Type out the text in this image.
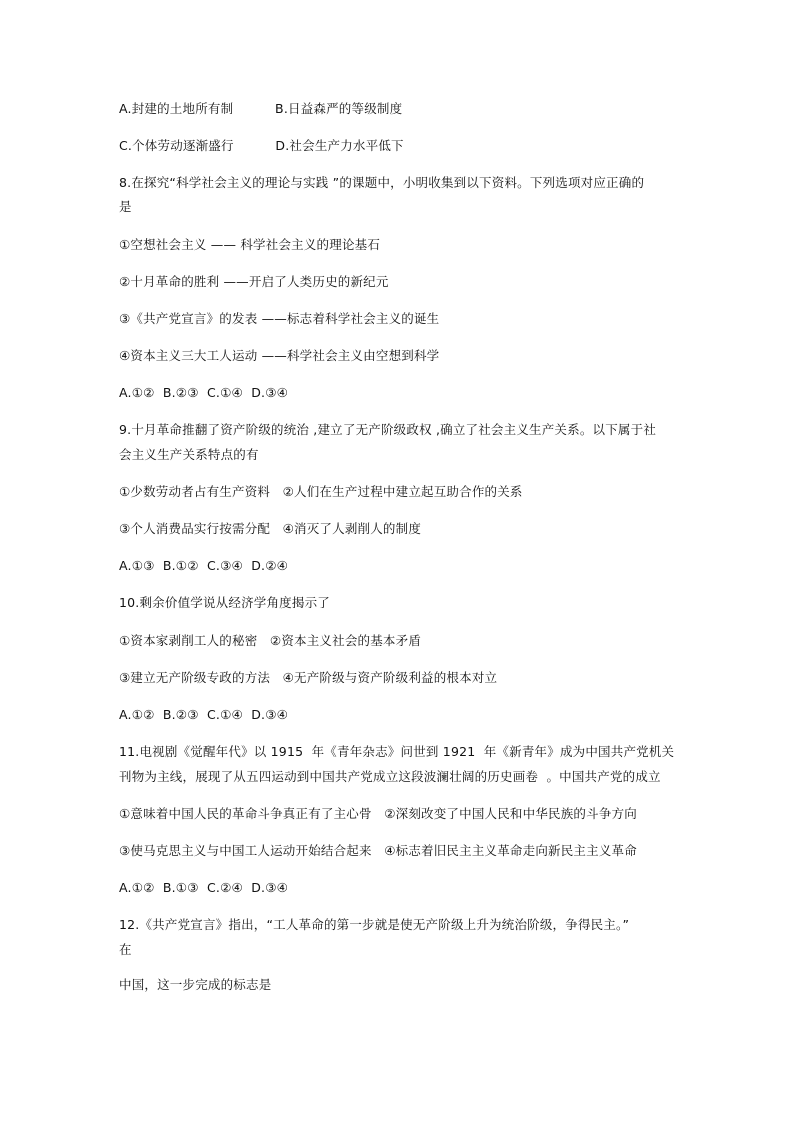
A.封建的土地所有制          B.日益森严的等级制度
C.个体劳动逐渐盛行          D.社会生产力水平低下
8.在探究“科学社会主义的理论与实践 ”的课题中，小明收集到以下资料。下列选项对应正确的
是
①空想社会主义 —— 科学社会主义的理论基石
②十月革命的胜利 ——开启了人类历史的新纪元
③《共产党宣言》的发表 ——标志着科学社会主义的诞生
④资本主义三大工人运动 ——科学社会主义由空想到科学
A.①②  B.②③  C.①④  D.③④
9.十月革命推翻了资产阶级的统治 ,建立了无产阶级政权 ,确立了社会主义生产关系。以下属于社
会主义生产关系特点的有
①少数劳动者占有生产资料   ②人们在生产过程中建立起互助合作的关系
③个人消费品实行按需分配   ④消灭了人剥削人的制度
A.①③  B.①②  C.③④  D.②④
10.剩余价值学说从经济学角度揭示了
①资本家剥削工人的秘密   ②资本主义社会的基本矛盾
③建立无产阶级专政的方法   ④无产阶级与资产阶级利益的根本对立
A.①②  B.②③  C.①④  D.③④
11.电视剧《觉醒年代》以 1915  年《青年杂志》问世到 1921  年《新青年》成为中国共产党机关
刊物为主线，展现了从五四运动到中国共产党成立这段波澜壮阔的历史画卷  。中国共产党的成立
①意味着中国人民的革命斗争真正有了主心骨   ②深刻改变了中国人民和中华民族的斗争方向
③使马克思主义与中国工人运动开始结合起来   ④标志着旧民主主义革命走向新民主主义革命
A.①②  B.①③  C.②④  D.③④
12.《共产党宣言》指出，“工人革命的第一步就是使无产阶级上升为统治阶级，争得民主。”
在
中国，这一步完成的标志是
